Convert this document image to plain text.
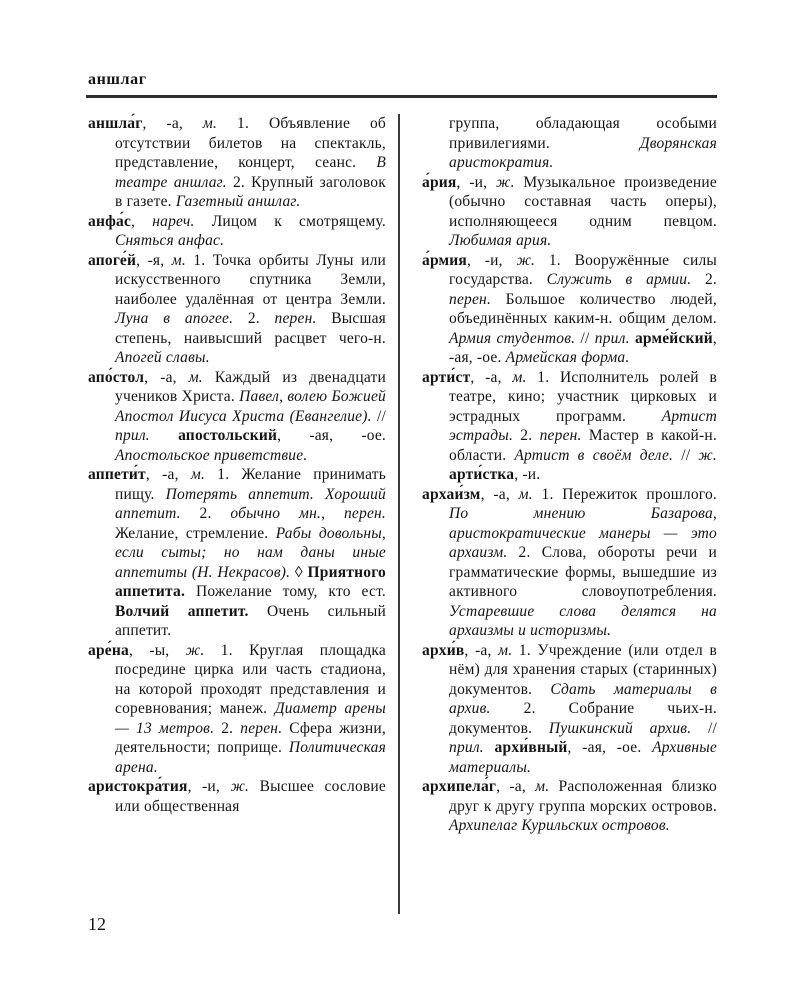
аншлаг

аншла́г, -а, м. 1. Объявление об отсутствии билетов на спектакль, представление, концерт, сеанс. В театре аншлаг. 2. Крупный заголовок в газете. Газетный аншлаг.

анфа́с, нареч. Лицом к смотрящему. Сняться анфас.

апоге́й, -я, м. 1. Точка орбиты Луны или искусственного спутника Земли, наиболее удалённая от центра Земли. Луна в апогее. 2. перен. Высшая степень, наивысший расцвет чего-н. Апогей славы.

апо́стол, -а, м. Каждый из двенадцати учеников Христа. Павел, волею Божией Апостол Иисуса Христа (Евангелие). // прил. апостольский, -ая, -ое. Апостольское приветствие.

аппети́т, -а, м. 1. Желание принимать пищу. Потерять аппетит. Хороший аппетит. 2. обычно мн., перен. Желание, стремление. Рабы довольны, если сыты; но нам даны иные аппетиты (Н. Некрасов). ◊ Приятного аппетита. Пожелание тому, кто ест. Волчий аппетит. Очень сильный аппетит.

аре́на, -ы, ж. 1. Круглая площадка посредине цирка или часть стадиона, на которой проходят представления и соревнования; манеж. Диаметр арены — 13 метров. 2. перен. Сфера жизни, деятельности; поприще. Политическая арена.

аристокра́тия, -и, ж. Высшее сословие или общественная

группа, обладающая особыми привилегиями. Дворянская аристократия.

а́рия, -и, ж. Музыкальное произведение (обычно составная часть оперы), исполняющееся одним певцом. Любимая ария.

а́рмия, -и, ж. 1. Вооружённые силы государства. Служить в армии. 2. перен. Большое количество людей, объединённых каким-н. общим делом. Армия студентов. // прил. арме́йский, -ая, -ое. Армейская форма.

арти́ст, -а, м. 1. Исполнитель ролей в театре, кино; участник цирковых и эстрадных программ. Артист эстрады. 2. перен. Мастер в какой-н. области. Артист в своём деле. // ж. арти́стка, -и.

архаи́зм, -а, м. 1. Пережиток прошлого. По мнению Базарова, аристократические манеры — это архаизм. 2. Слова, обороты речи и грамматические формы, вышедшие из активного словоупотребления. Устаревшие слова делятся на архаизмы и историзмы.

архи́в, -а, м. 1. Учреждение (или отдел в нём) для хранения старых (старинных) документов. Сдать материалы в архив. 2. Собрание чьих-н. документов. Пушкинский архив. // прил. архи́вный, -ая, -ое. Архивные материалы.

архипела́г, -а, м. Расположенная близко друг к другу группа морских островов. Архипелаг Курильских островов.

12
